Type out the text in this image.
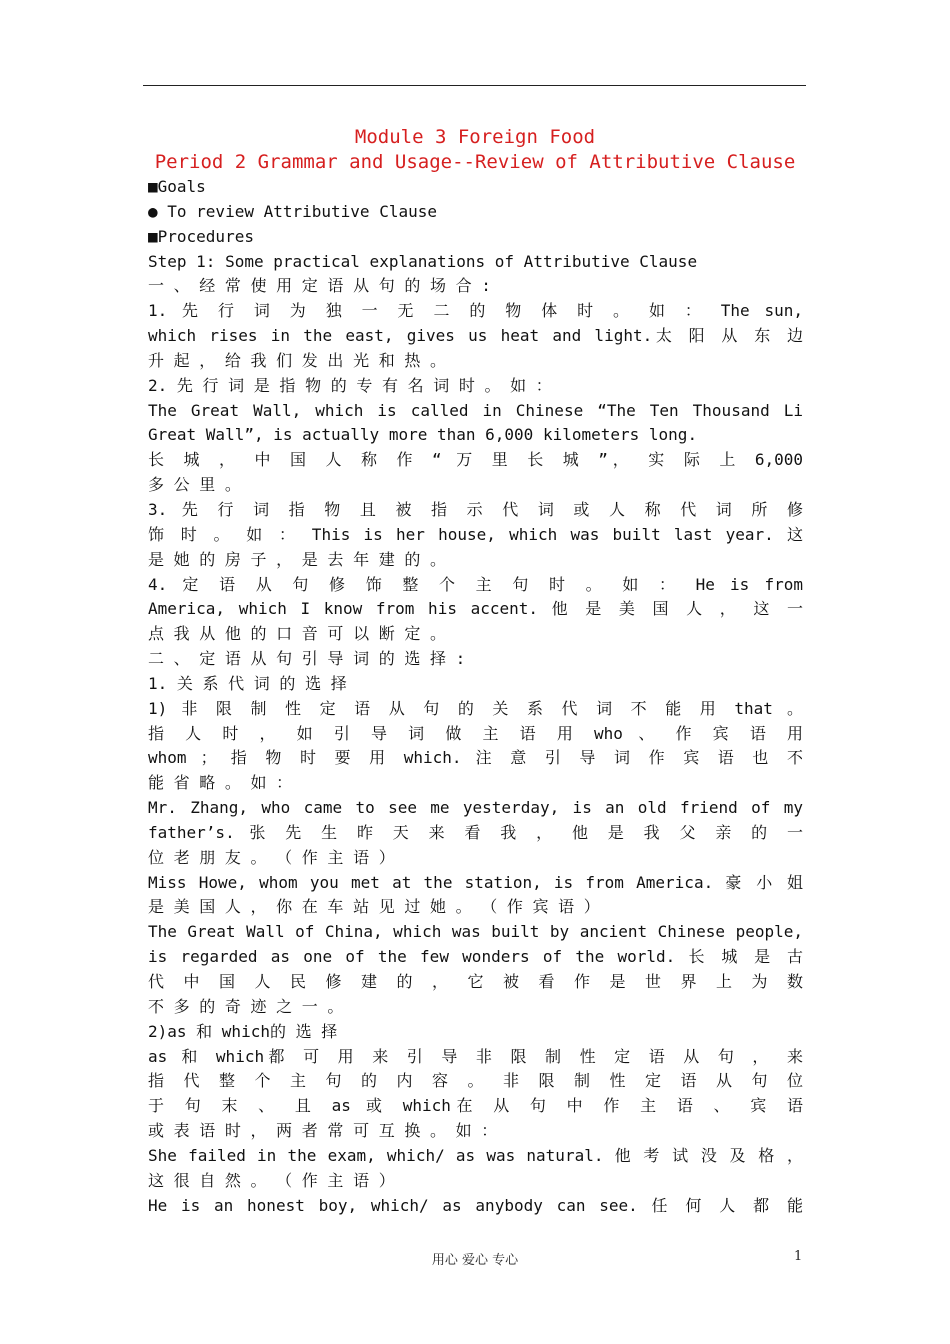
Module 3 Foreign Food
Period 2 Grammar and Usage--Review of Attributive Clause
■Goals
● To review Attributive Clause
■Procedures
Step 1: Some practical explanations of Attributive Clause
一 、 经 常 使 用 定 语 从 句 的 场 合 :
1. 先 行 词 为 独 一 无 二 的 物 体 时 。 如 ： The sun,
which rises in the east, gives us heat and light.太 阳 从 东 边
升 起 ， 给 我 们 发 出 光 和 热 。
2. 先 行 词 是 指 物 的 专 有 名 词 时 。 如 ：
The Great Wall, which is called in Chinese “The Ten Thousand Li
Great Wall”, is actually more than 6,000 kilometers long.
长 城 ， 中 国 人 称 作 “ 万 里 长 城 ”， 实 际 上 6,000
多 公 里 。
3. 先 行 词 指 物 且 被 指 示 代 词 或 人 称 代 词 所 修
饰 时 。 如 ： This is her house, which was built last year. 这
是 她 的 房 子 ， 是 去 年 建 的 。
4. 定 语 从 句 修 饰 整 个 主 句 时 。 如 ： He is from
America, which I know from his accent. 他 是 美 国 人 ， 这 一
点 我 从 他 的 口 音 可 以 断 定 。
二 、 定 语 从 句 引 导 词 的 选 择 :
1. 关 系 代 词 的 选 择
1) 非 限 制 性 定 语 从 句 的 关 系 代 词 不 能 用 that 。
指 人 时 ， 如 引 导 词 做 主 语 用 who 、 作 宾 语 用
whom ； 指 物 时 要 用 which. 注 意 引 导 词 作 宾 语 也 不
能 省 略 。 如 ：
Mr. Zhang, who came to see me yesterday, is an old friend of my
father’s. 张 先 生 昨 天 来 看 我 ， 他 是 我 父 亲 的 一
位 老 朋 友 。 （ 作 主 语 ）
Miss Howe, whom you met at the station, is from America. 豪 小 姐
是 美 国 人 ， 你 在 车 站 见 过 她 。 （ 作 宾 语 ）
The Great Wall of China, which was built by ancient Chinese people,
is regarded as one of the few wonders of the world. 长 城 是 古
代 中 国 人 民 修 建 的 ， 它 被 看 作 是 世 界 上 为 数
不 多 的 奇 迹 之 一 。
2)as 和 which的 选 择
as 和 which都 可 用 来 引 导 非 限 制 性 定 语 从 句 ， 来
指 代 整 个 主 句 的 内 容 。 非 限 制 性 定 语 从 句 位
于 句 末 、 且 as 或 which在 从 句 中 作 主 语 、 宾 语
或 表 语 时 ， 两 者 常 可 互 换 。 如 ：
She failed in the exam, which/ as was natural. 他 考 试 没 及 格 ，
这 很 自 然 。 （ 作 主 语 ）
He is an honest boy, which/ as anybody can see. 任 何 人 都 能
用心 爱心 专心	1
